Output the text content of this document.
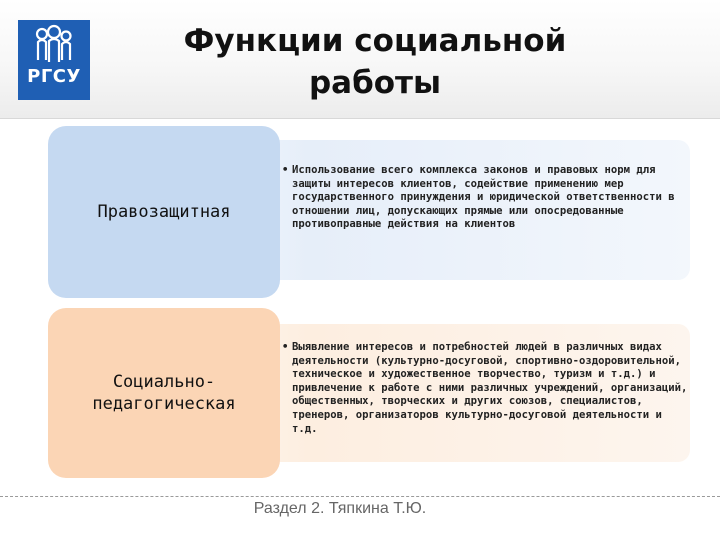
РГСУ
Функции социальной работы
Правозащитная
• Использование всего комплекса законов и правовых норм для защиты интересов клиентов, содействие применению мер государственного принуждения и юридической ответственности в отношении лиц, допускающих прямые или опосредованные противоправные действия на клиентов
Социально-педагогическая
• Выявление интересов и потребностей людей в различных видах деятельности (культурно-досуговой, спортивно-оздоровительной, техническое и художественное творчество, туризм и т.д.) и привлечение к работе с ними различных учреждений, организаций, общественных, творческих и других союзов, специалистов, тренеров, организаторов культурно-досуговой деятельности и т.д.
Раздел 2. Тяпкина Т.Ю.
